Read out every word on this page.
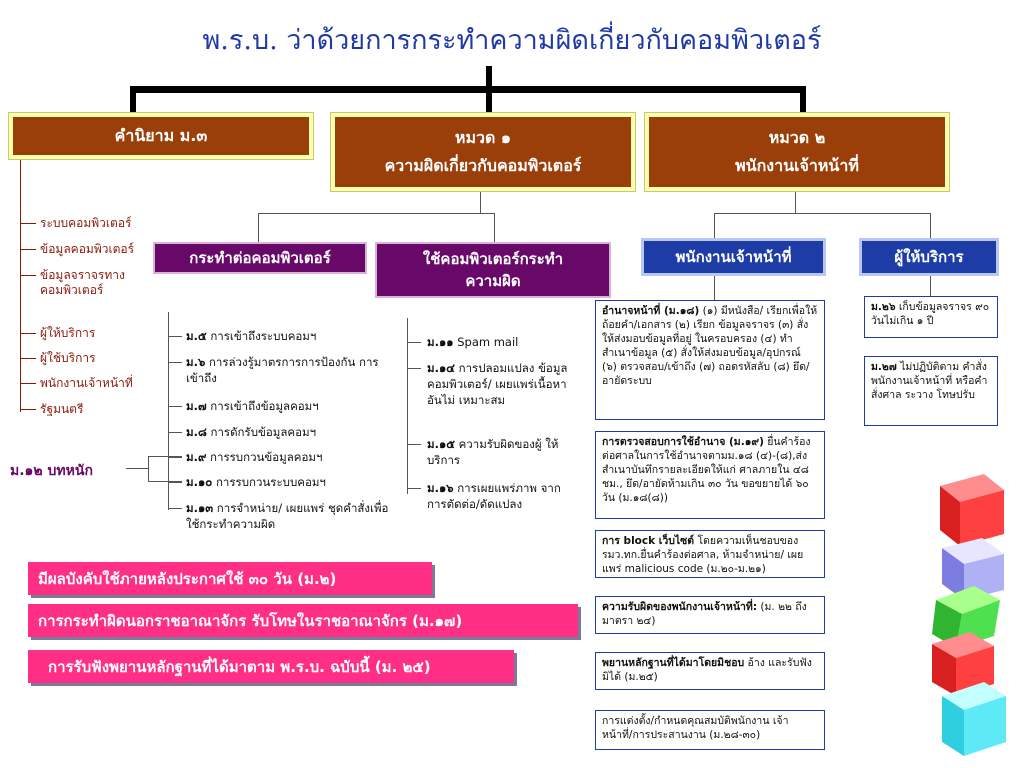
พ.ร.บ. ว่าด้วยการกระทำความผิดเกี่ยวกับคอมพิวเตอร์
คำนิยาม ม.๓	หมวด ๑
ความผิดเกี่ยวกับคอมพิวเตอร์
หมวด ๒
พนักงานเจ้าหน้าที่
ระบบคอมพิวเตอร์
ข้อมูลคอมพิวเตอร์
ข้อมูลจราจรทาง คอมพิวเตอร์
ผู้ให้บริการ
ผู้ใช้บริการ
พนักงานเจ้าหน้าที่
รัฐมนตรี
กระทำต่อคอมพิวเตอร์	ใช้คอมพิวเตอร์กระทำ ความผิด
พนักงานเจ้าหน้าที่	ผู้ให้บริการ
ม.๕ การเข้าถึงระบบคอมฯ
ม.๖ การล่วงรู้มาตรการการป้องกัน การเข้าถึง
ม.๗ การเข้าถึงข้อมูลคอมฯ
ม.๘ การดักรับข้อมูลคอมฯ
ม.๙ การรบกวนข้อมูลคอมฯ
ม.๑๐ การรบกวนระบบคอมฯ
ม.๑๓ การจำหน่าย/ เผยแพร่ ชุดคำสั่งเพื่อใช้กระทำความผิด
ม.๑๒ บทหนัก
ม.๑๑ Spam mail
ม.๑๔ การปลอมแปลง ข้อมูลคอมพิวเตอร์/ เผยแพร่เนื้อหาอันไม่ เหมาะสม
ม.๑๕ ความรับผิดของผู้ ให้บริการ
ม.๑๖ การเผยแพร่ภาพ จากการตัดต่อ/ดัดแปลง
อำนาจหน้าที่ (ม.๑๘) (๑) มีหนังสือ/ เรียกเพื่อให้ถ้อยคำ/เอกสาร (๒) เรียก ข้อมูลจราจร (๓) สั่งให้ส่งมอบข้อมูลที่อยู่ ในครอบครอง (๔) ทำสำเนาข้อมูล (๕) สั่งให้ส่งมอบข้อมูล/อุปกรณ์ (๖) ตรวจสอบ/เข้าถึง (๗) ถอดรหัสลับ (๘) ยึด/อายัดระบบ
การตรวจสอบการใช้อำนาจ (ม.๑๙) ยื่นคำร้องต่อศาลในการใช้อำนาจตามม.๑๘ (๔)-(๘),ส่งสำเนาบันทึกรายละเอียดให้แก่ ศาลภายใน ๔๘ ชม., ยึด/อายัดห้ามเกิน ๓๐ วัน ขอขยายได้ ๖๐ วัน (ม.๑๘(๘))
การ block เว็บไซต์ โดยความเห็นชอบของ รมว.ทก.ยื่นคำร้องต่อศาล, ห้ามจำหน่าย/ เผยแพร่ malicious code (ม.๒๐-ม.๒๑)
ความรับผิดของพนักงานเจ้าหน้าที่: (ม. ๒๒ ถึง มาตรา ๒๔)
พยานหลักฐานที่ได้มาโดยมิชอบ อ้าง และรับฟังมิได้ (ม.๒๕)
การแต่งตั้ง/กำหนดคุณสมบัติพนักงาน เจ้าหน้าที่/การประสานงาน (ม.๒๘-๓๐)
ม.๒๖ เก็บข้อมูลจราจร ๙๐ วันไม่เกิน ๑ ปี
ม.๒๗ ไม่ปฏิบัติตาม คำสั่งพนักงานเจ้าหน้าที่ หรือคำสั่งศาล ระวาง โทษปรับ
มีผลบังคับใช้ภายหลังประกาศใช้ ๓๐ วัน (ม.๒)
การกระทำผิดนอกราชอาณาจักร รับโทษในราชอาณาจักร (ม.๑๗)
การรับฟังพยานหลักฐานที่ได้มาตาม พ.ร.บ. ฉบับนี้ (ม. ๒๕)
